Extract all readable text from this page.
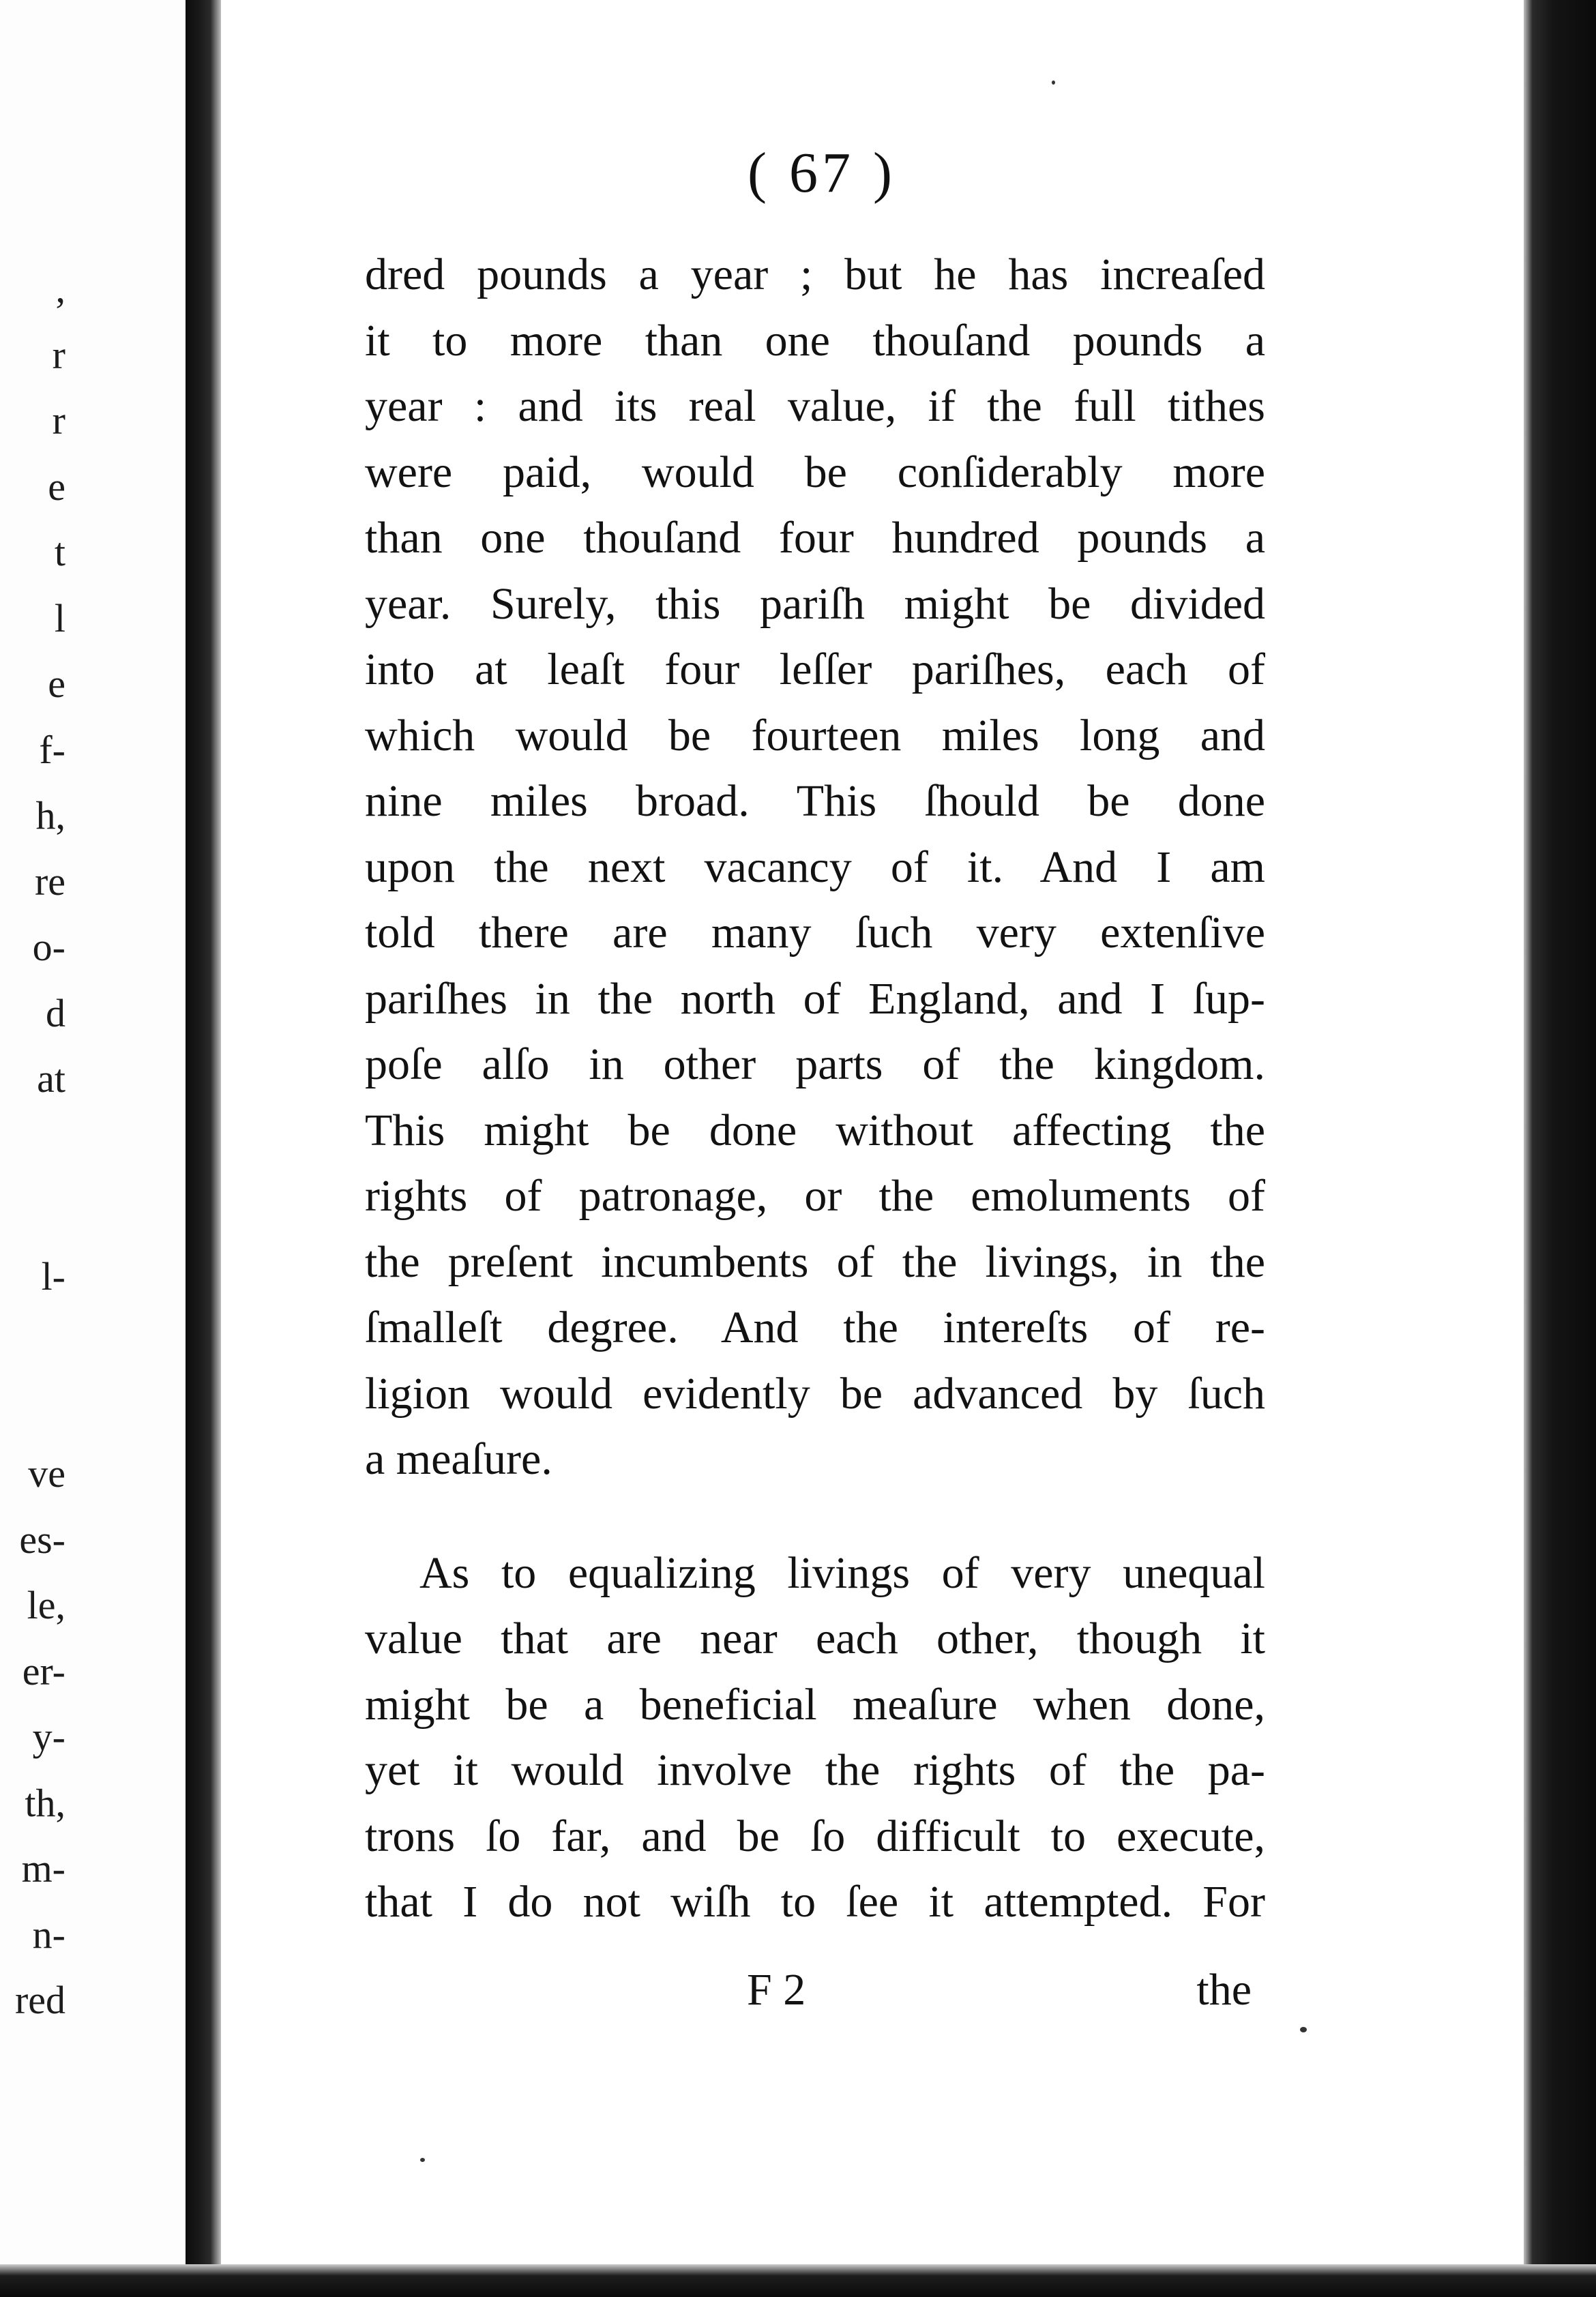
,
r
r
e
t
l
e
f-
h,
re
o-
d
at
l-
ve
es-
le,
er-
y-
th,
m-
n-
red
( 67 )
dred pounds a year ; but he has increaſed
it to more than one thouſand pounds a
year : and its real value, if the full tithes
were paid, would be conſiderably more
than one thouſand four hundred pounds a
year. Surely, this pariſh might be divided
into at leaſt four leſſer pariſhes, each of
which would be fourteen miles long and
nine miles broad. This ſhould be done
upon the next vacancy of it. And I am
told there are many ſuch very extenſive
pariſhes in the north of England, and I ſup-
poſe alſo in other parts of the kingdom.
This might be done without affecting the
rights of patronage, or the emoluments of
the preſent incumbents of the livings, in the
ſmalleſt degree. And the intereſts of re-
ligion would evidently be advanced by ſuch
a meaſure.
As to equalizing livings of very unequal
value that are near each other, though it
might be a beneficial meaſure when done,
yet it would involve the rights of the pa-
trons ſo far, and be ſo difficult to execute,
that I do not wiſh to ſee it attempted. For
F 2	the
